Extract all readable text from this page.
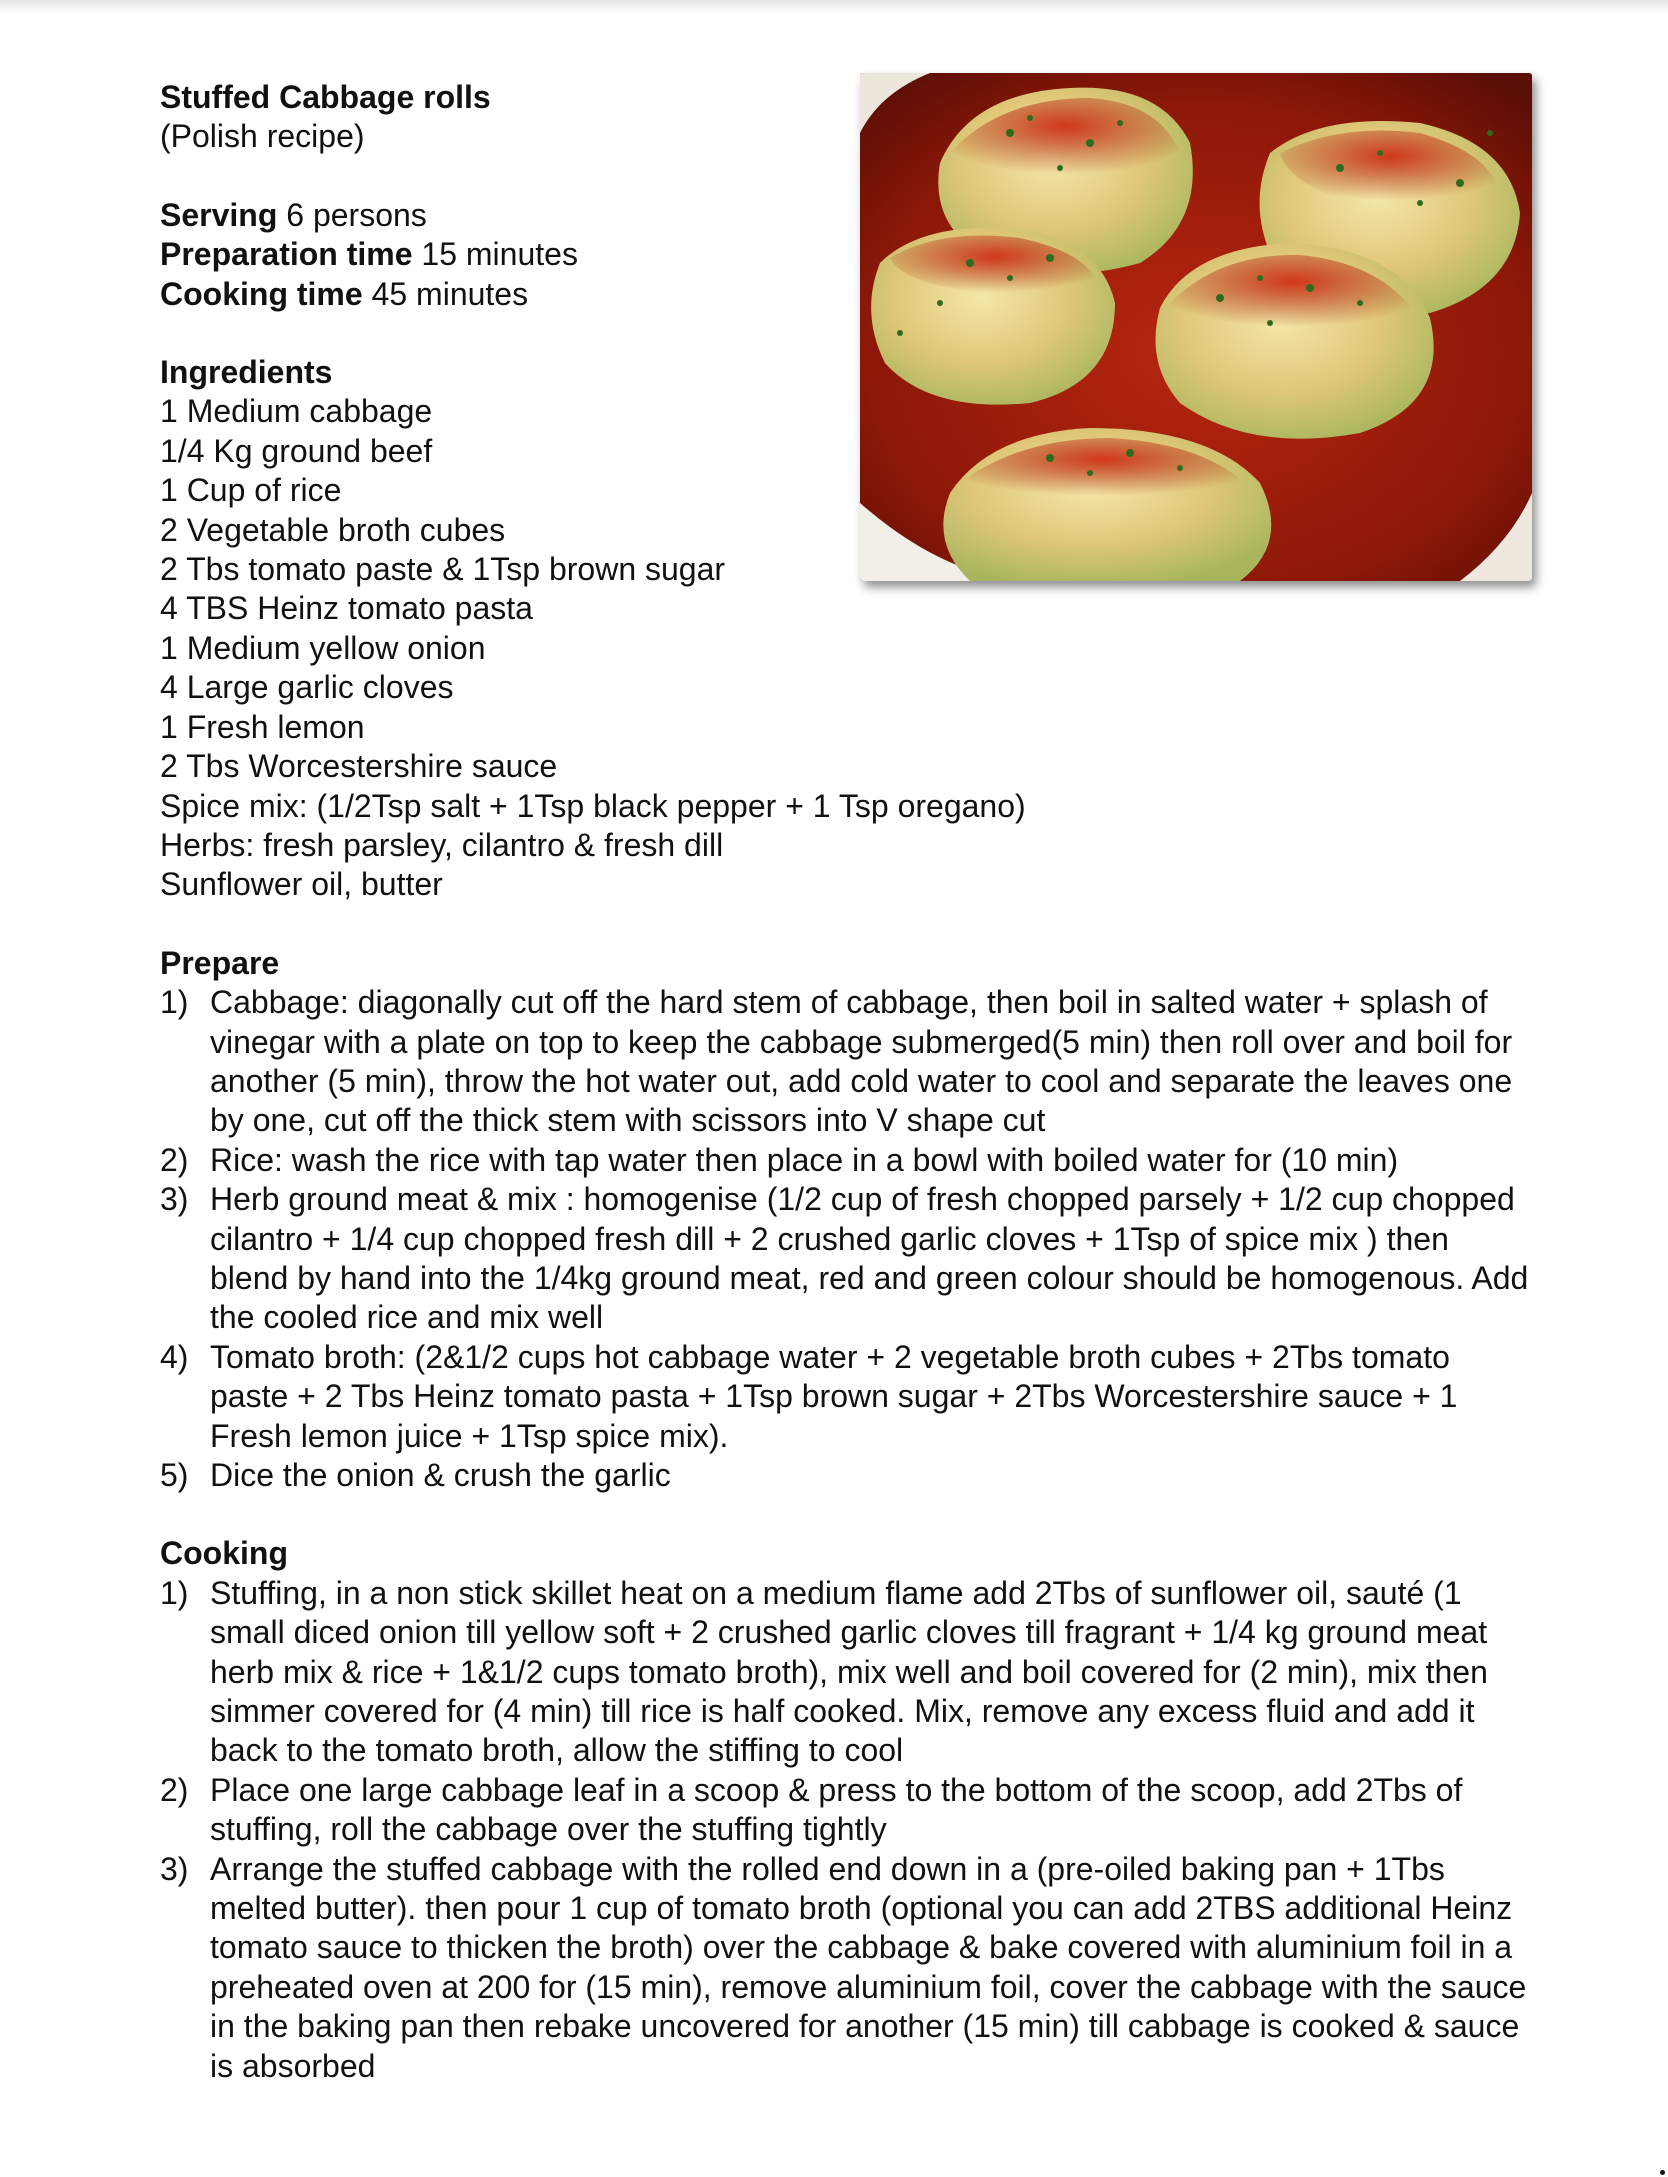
Stuffed Cabbage rolls
(Polish recipe)
Serving 6 persons
Preparation time 15 minutes
Cooking time 45 minutes
Ingredients
1 Medium cabbage
1/4 Kg ground beef
1 Cup of rice
2 Vegetable broth cubes
2 Tbs tomato paste & 1Tsp brown sugar
4 TBS Heinz tomato pasta
1 Medium yellow onion
4 Large garlic cloves
1 Fresh lemon
2 Tbs Worcestershire sauce
Spice mix: (1/2Tsp salt + 1Tsp black pepper + 1 Tsp oregano)
Herbs: fresh parsley, cilantro & fresh dill
Sunflower oil, butter
Prepare
1) Cabbage: diagonally cut off the hard stem of cabbage, then boil in salted water + splash of vinegar with a plate on top to keep the cabbage submerged(5 min) then roll over and boil for another (5 min), throw the hot water out, add cold water to cool and separate the leaves one by one, cut off the thick stem with scissors into V shape cut
2) Rice: wash the rice with tap water then place in a bowl with boiled water for (10 min)
3) Herb ground meat & mix : homogenise (1/2 cup of fresh chopped parsely + 1/2 cup chopped cilantro + 1/4 cup chopped fresh dill + 2 crushed garlic cloves + 1Tsp of spice mix ) then blend by hand into the 1/4kg ground meat, red and green colour should be homogenous. Add the cooled rice and mix well
4) Tomato broth: (2&1/2 cups hot cabbage water + 2 vegetable broth cubes + 2Tbs tomato paste + 2 Tbs Heinz tomato pasta + 1Tsp brown sugar + 2Tbs Worcestershire sauce + 1 Fresh lemon juice + 1Tsp spice mix).
5) Dice the onion & crush the garlic
Cooking
1) Stuffing, in a non stick skillet heat on a medium flame add 2Tbs of sunflower oil, sauté (1 small diced onion till yellow soft + 2 crushed garlic cloves till fragrant + 1/4 kg ground meat herb mix & rice + 1&1/2 cups tomato broth), mix well and boil covered for (2 min), mix then simmer covered for (4 min) till rice is half cooked. Mix, remove any excess fluid and add it back to the tomato broth, allow the stiffing to cool
2) Place one large cabbage leaf in a scoop & press to the bottom of the scoop, add 2Tbs of stuffing, roll the cabbage over the stuffing tightly
3) Arrange the stuffed cabbage with the rolled end down in a (pre-oiled baking pan + 1Tbs melted butter). then pour 1 cup of tomato broth (optional you can add 2TBS additional Heinz tomato sauce to thicken the broth) over the cabbage & bake covered with aluminium foil in a preheated oven at 200 for (15 min), remove aluminium foil, cover the cabbage with the sauce in the baking pan then rebake uncovered for another (15 min) till cabbage is cooked & sauce is absorbed
